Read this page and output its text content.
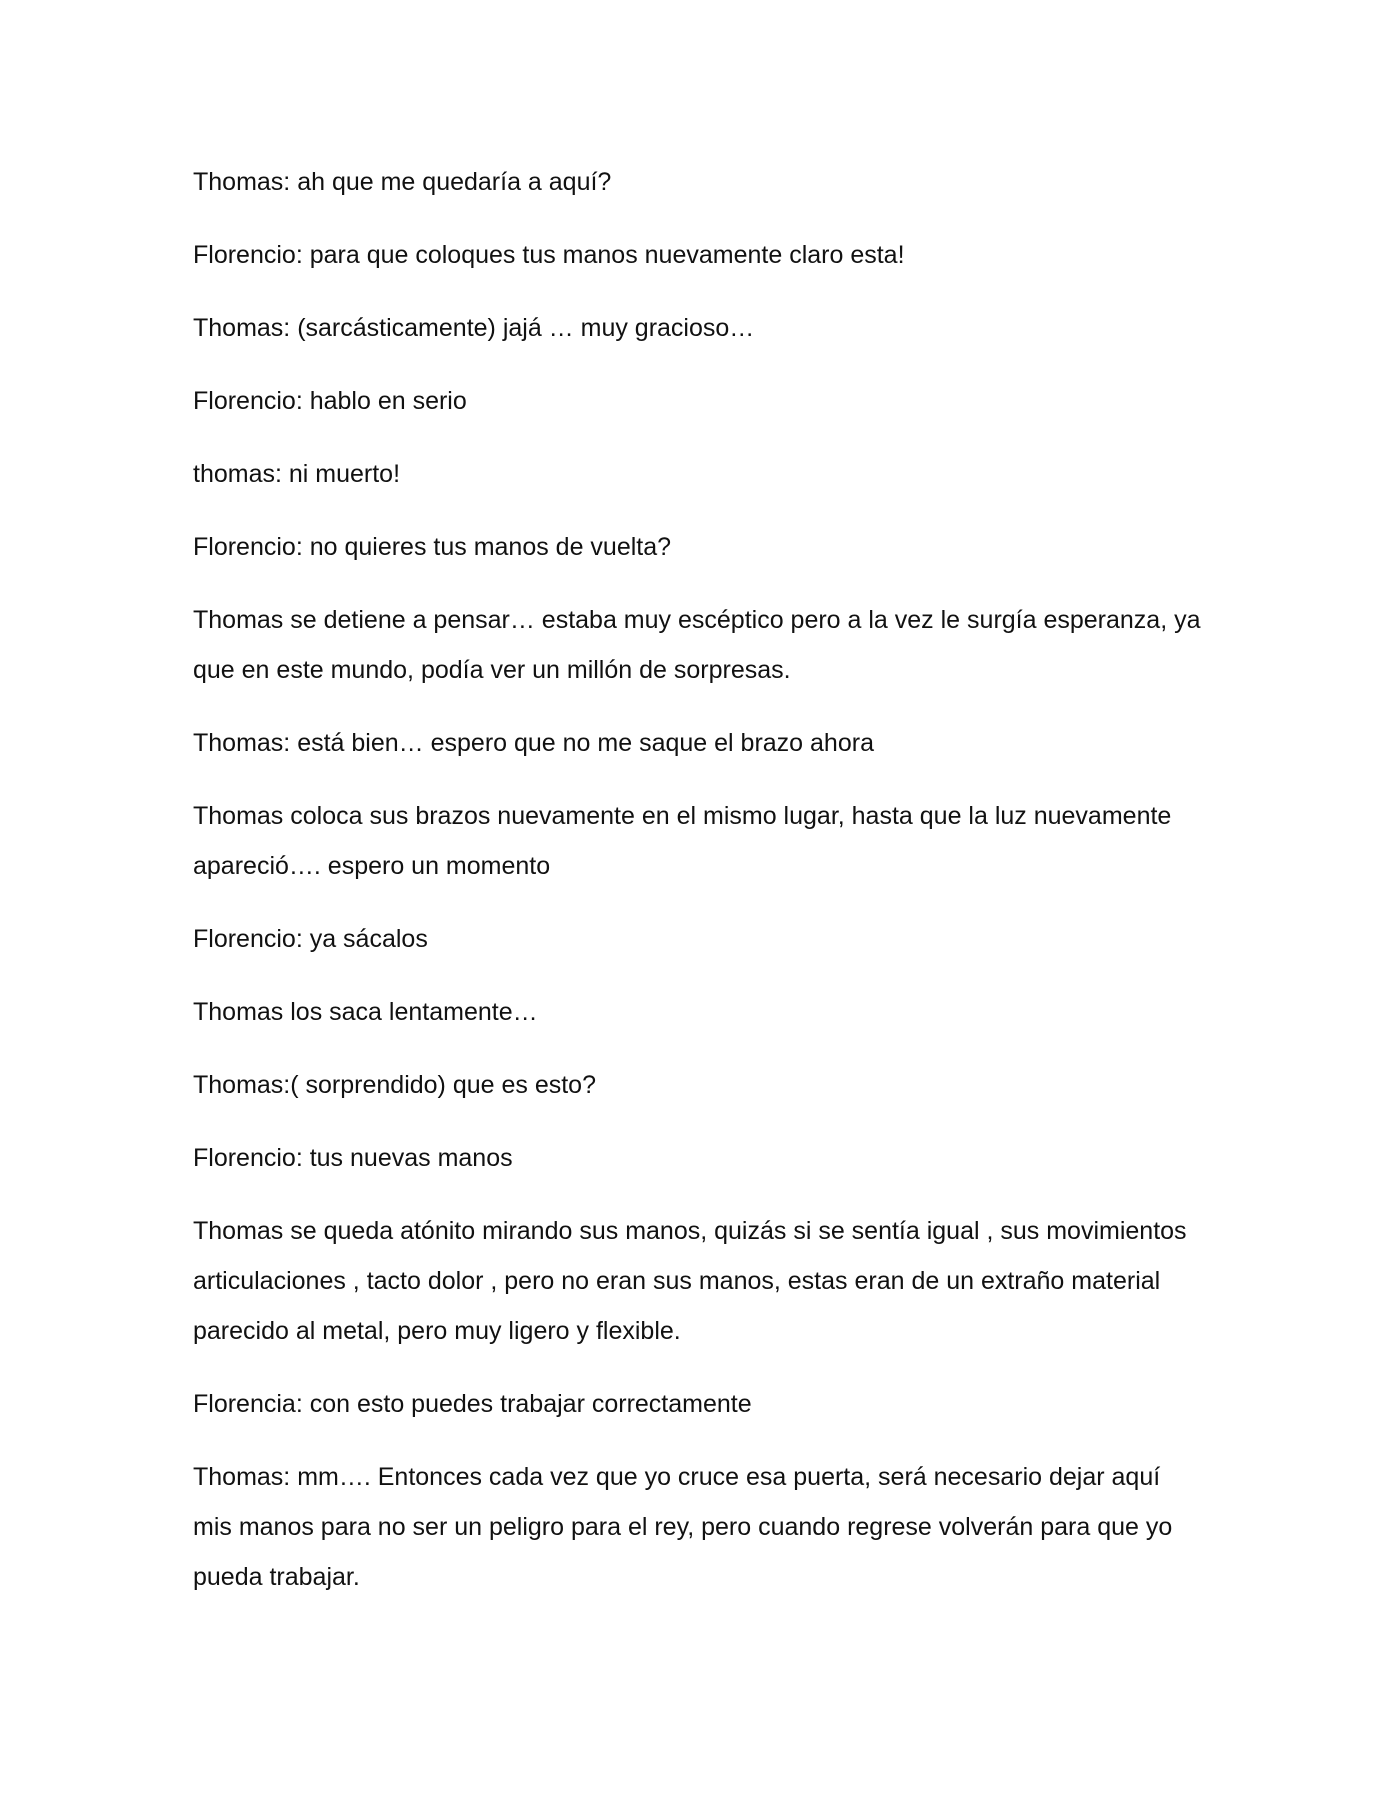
Thomas: ah que me quedaría a aquí?

Florencio: para que coloques tus manos nuevamente claro esta!

Thomas: (sarcásticamente) jajá … muy gracioso…

Florencio: hablo en serio

thomas: ni muerto!

Florencio: no quieres tus manos de vuelta?

Thomas se detiene a pensar… estaba muy escéptico pero a la vez le surgía esperanza, ya que en este mundo, podía ver un millón de sorpresas.

Thomas: está bien… espero que no me saque el brazo ahora

Thomas coloca sus brazos nuevamente en el mismo lugar, hasta que la luz nuevamente apareció…. espero un momento

Florencio: ya sácalos

Thomas los saca lentamente…

Thomas:( sorprendido) que es esto?

Florencio: tus nuevas manos

Thomas se queda atónito mirando sus manos, quizás si se sentía igual , sus movimientos articulaciones , tacto dolor , pero no eran sus manos, estas eran de un extraño material parecido al metal, pero muy ligero y flexible.

Florencia: con esto puedes trabajar correctamente

Thomas: mm…. Entonces cada vez que yo cruce esa puerta, será necesario dejar aquí mis manos para no ser un peligro para el rey, pero cuando regrese volverán para que yo pueda trabajar.
